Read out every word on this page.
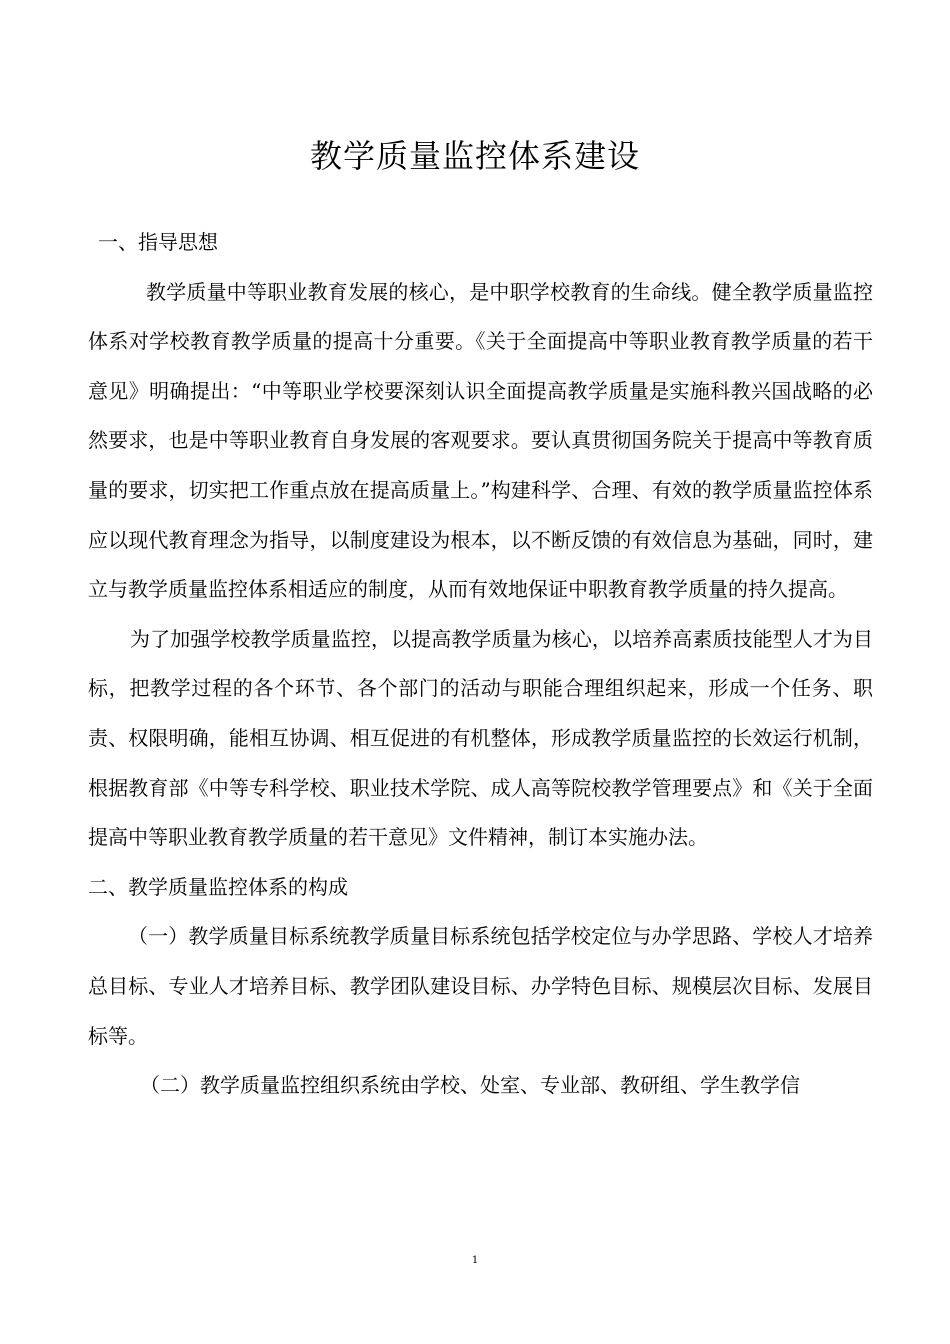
教学质量监控体系建设

一、指导思想

教学质量中等职业教育发展的核心，是中职学校教育的生命线。健全教学质量监控体系对学校教育教学质量的提高十分重要。《关于全面提高中等职业教育教学质量的若干意见》明确提出：“中等职业学校要深刻认识全面提高教学质量是实施科教兴国战略的必然要求，也是中等职业教育自身发展的客观要求。要认真贯彻国务院关于提高中等教育质量的要求，切实把工作重点放在提高质量上。”构建科学、合理、有效的教学质量监控体系应以现代教育理念为指导，以制度建设为根本，以不断反馈的有效信息为基础，同时，建立与教学质量监控体系相适应的制度，从而有效地保证中职教育教学质量的持久提高。

为了加强学校教学质量监控，以提高教学质量为核心，以培养高素质技能型人才为目标，把教学过程的各个环节、各个部门的活动与职能合理组织起来，形成一个任务、职责、权限明确，能相互协调、相互促进的有机整体，形成教学质量监控的长效运行机制，根据教育部《中等专科学校、职业技术学院、成人高等院校教学管理要点》和《关于全面提高中等职业教育教学质量的若干意见》文件精神，制订本实施办法。

二、教学质量监控体系的构成

（一）教学质量目标系统教学质量目标系统包括学校定位与办学思路、学校人才培养总目标、专业人才培养目标、教学团队建设目标、办学特色目标、规模层次目标、发展目标等。

（二）教学质量监控组织系统由学校、处室、专业部、教研组、学生教学信

1
